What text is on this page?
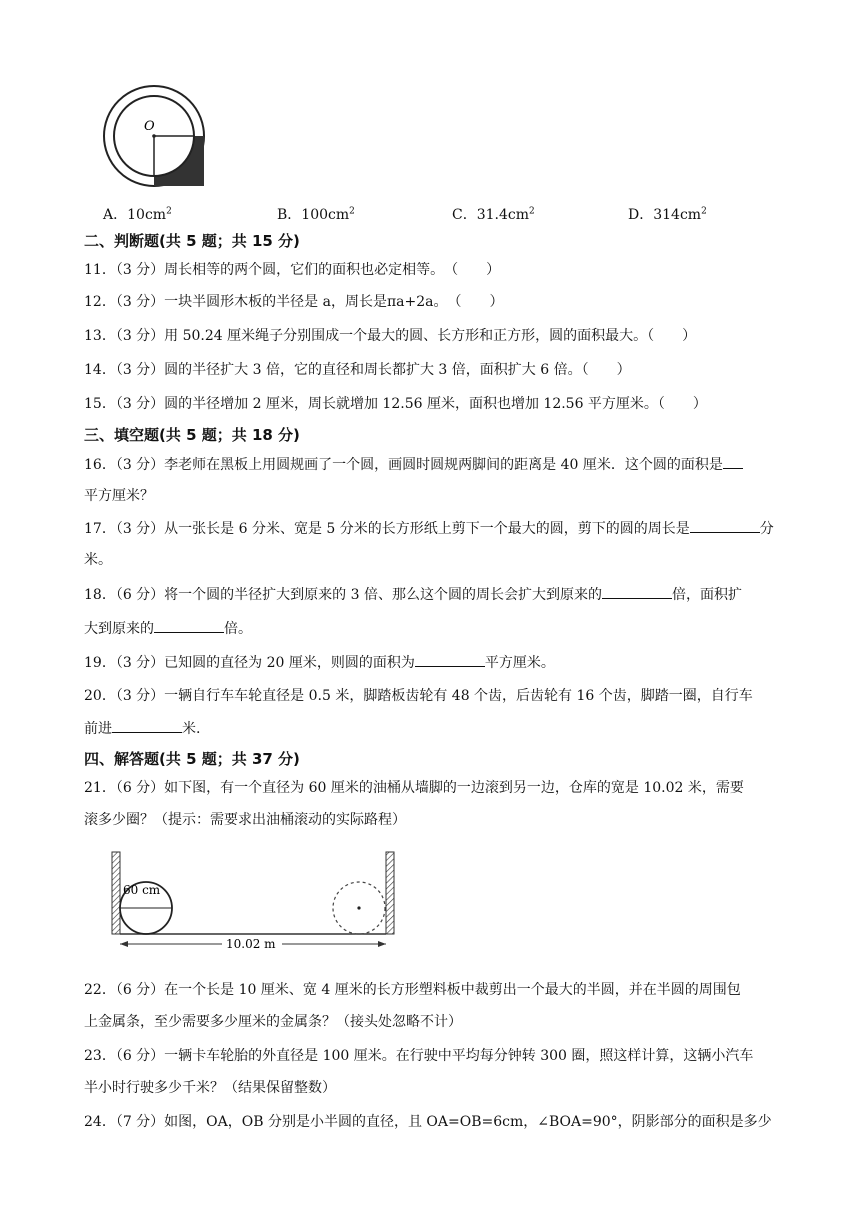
O
A．$10cm^2$	B．$100cm^2$	C．$31.4cm^2$	D．$314cm^2$
二、判断题(共 5 题；共 15 分)
11．（3 分）周长相等的两个圆，它们的面积也必定相等。　（　　）
12．（3 分）一块半圆形木板的半径是 a，周长是πa+2a。　（　　）
13．（3 分）用 50.24 厘米绳子分别围成一个最大的圆、长方形和正方形，圆的面积最大。（　　）
14．（3 分）圆的半径扩大 3 倍，它的直径和周长都扩大 3 倍，面积扩大 6 倍。（　　）
15．（3 分）圆的半径增加 2 厘米，周长就增加 12.56 厘米，面积也增加 12.56 平方厘米。（　　）
三、填空题(共 5 题；共 18 分)
16．（3 分）李老师在黑板上用圆规画了一个圆，画圆时圆规两脚间的距离是 40 厘米．这个圆的面积是
平方厘米？
17．（3 分）从一张长是 6 分米、宽是 5 分米的长方形纸上剪下一个最大的圆，剪下的圆的周长是	分
米。
18．（6 分）将一个圆的半径扩大到原来的 3 倍、那么这个圆的周长会扩大到原来的	倍，面积扩
大到原来的	倍。
19．（3 分）已知圆的直径为 20 厘米，则圆的面积为	平方厘米。
20．（3 分）一辆自行车车轮直径是 0.5 米，脚踏板齿轮有 48 个齿，后齿轮有 16 个齿，脚踏一圈，自行车
前进	米.
四、解答题(共 5 题；共 37 分)
21．（6 分）如下图，有一个直径为 60 厘米的油桶从墙脚的一边滚到另一边，仓库的宽是 10.02 米，需要
滚多少圈？（提示：需要求出油桶滚动的实际路程）
60 cm
10.02 m
22．（6 分）在一个长是 10 厘米、宽 4 厘米的长方形塑料板中裁剪出一个最大的半圆，并在半圆的周围包
上金属条，至少需要多少厘米的金属条？（接头处忽略不计）
23．（6 分）一辆卡车轮胎的外直径是 100 厘米。在行驶中平均每分钟转 300 圈，照这样计算，这辆小汽车
半小时行驶多少千米？（结果保留整数）
24．（7 分）如图，OA，OB 分别是小半圆的直径，且 OA=OB=6cm，∠BOA=90°，阴影部分的面积是多少
